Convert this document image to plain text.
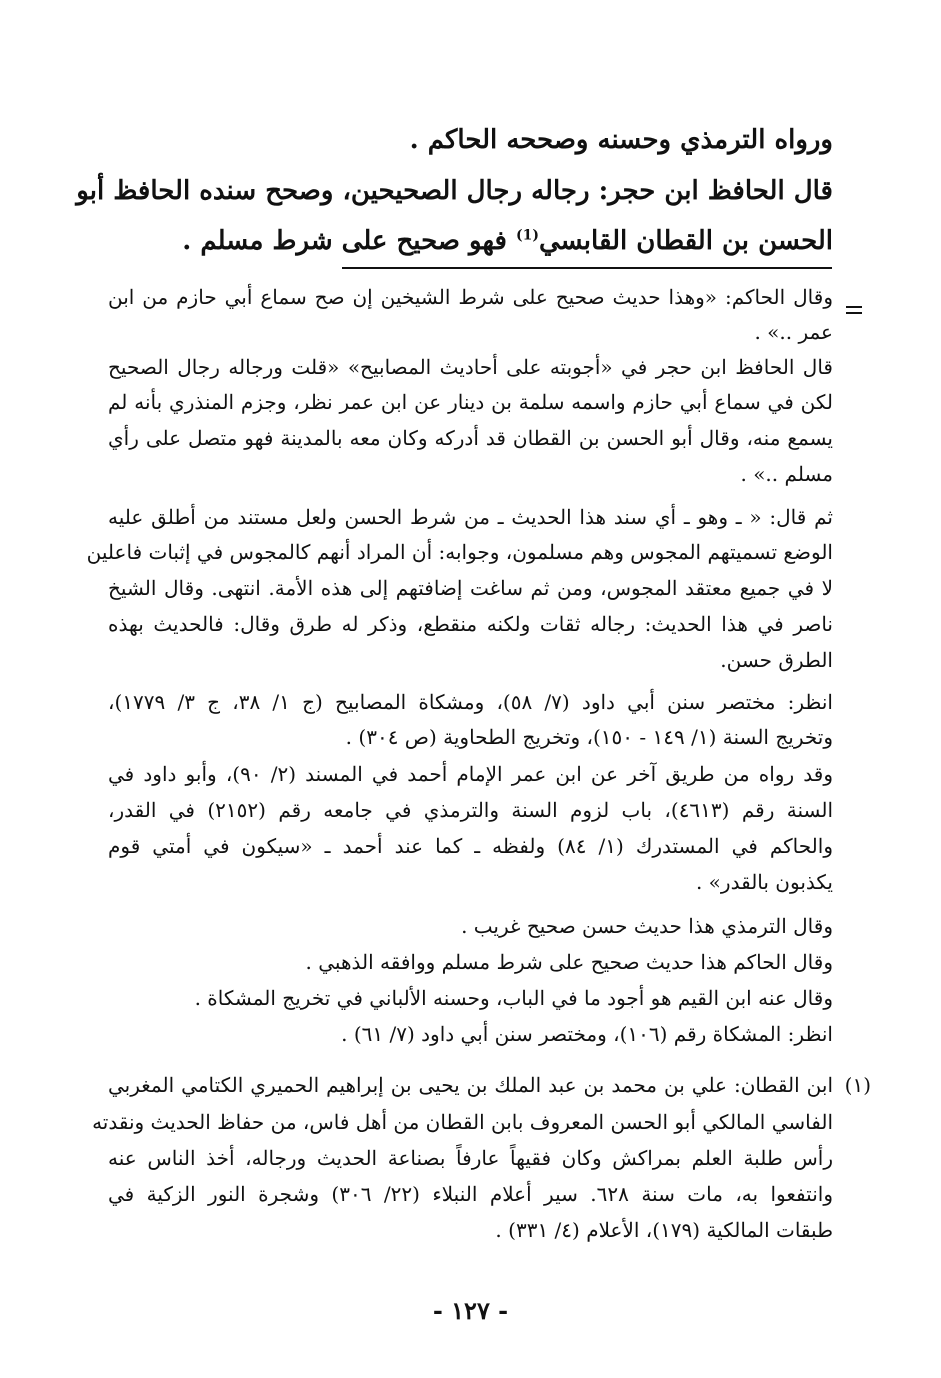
ورواه الترمذي وحسنه وصححه الحاكم .
قال الحافظ ابن حجر: رجاله رجال الصحيحين، وصحح سنده الحافظ أبو
الحسن بن القطان القابسي$^{(1)}$ فهو صحيح على شرط مسلم .
وقال الحاكم: «وهذا حديث صحيح على شرط الشيخين إن صح سماع أبي حازم من ابن
عمر ..» .
قال الحافظ ابن حجر في «أجوبته على أحاديث المصابيح» «قلت ورجاله رجال الصحيح
لكن في سماع أبي حازم واسمه سلمة بن دينار عن ابن عمر نظر، وجزم المنذري بأنه لم
يسمع منه، وقال أبو الحسن بن القطان قد أدركه وكان معه بالمدينة فهو متصل على رأي
مسلم ..» .
ثم قال: « ـ وهو ـ أي سند هذا الحديث ـ من شرط الحسن ولعل مستند من أطلق عليه
الوضع تسميتهم المجوس وهم مسلمون، وجوابه: أن المراد أنهم كالمجوس في إثبات فاعلين
لا في جميع معتقد المجوس، ومن ثم ساغت إضافتهم إلى هذه الأمة. انتهى. وقال الشيخ
ناصر في هذا الحديث: رجاله ثقات ولكنه منقطع، وذكر له طرق وقال: فالحديث بهذه
الطرق حسن.
انظر: مختصر سنن أبي داود (٧/ ٥٨)، ومشكاة المصابيح (ج ١/ ٣٨، ج ٣/ ١٧٧٩)،
وتخريج السنة (١/ ١٤٩ - ١٥٠)، وتخريج الطحاوية (ص ٣٠٤) .
وقد رواه من طريق آخر عن ابن عمر الإمام أحمد في المسند (٢/ ٩٠)، وأبو داود في
السنة رقم (٤٦١٣)، باب لزوم السنة والترمذي في جامعه رقم (٢١٥٢) في القدر،
والحاكم في المستدرك (١/ ٨٤) ولفظه ـ كما عند أحمد ـ «سيكون في أمتي قوم
يكذبون بالقدر» .
وقال الترمذي هذا حديث حسن صحيح غريب .
وقال الحاكم هذا حديث صحيح على شرط مسلم ووافقه الذهبي .
وقال عنه ابن القيم هو أجود ما في الباب، وحسنه الألباني في تخريج المشكاة .
انظر: المشكاة رقم (١٠٦)، ومختصر سنن أبي داود (٧/ ٦١) .
(١)
ابن القطان: علي بن محمد بن عبد الملك بن يحيى بن إبراهيم الحميري الكتامي المغربي
الفاسي المالكي أبو الحسن المعروف بابن القطان من أهل فاس، من حفاظ الحديث ونقدته
رأس طلبة العلم بمراكش وكان فقيهاً عارفاً بصناعة الحديث ورجاله، أخذ الناس عنه
وانتفعوا به، مات سنة ٦٢٨. سير أعلام النبلاء (٢٢/ ٣٠٦) وشجرة النور الزكية في
طبقات المالكية (١٧٩)، الأعلام (٤/ ٣٣١) .
- ١٢٧ -
